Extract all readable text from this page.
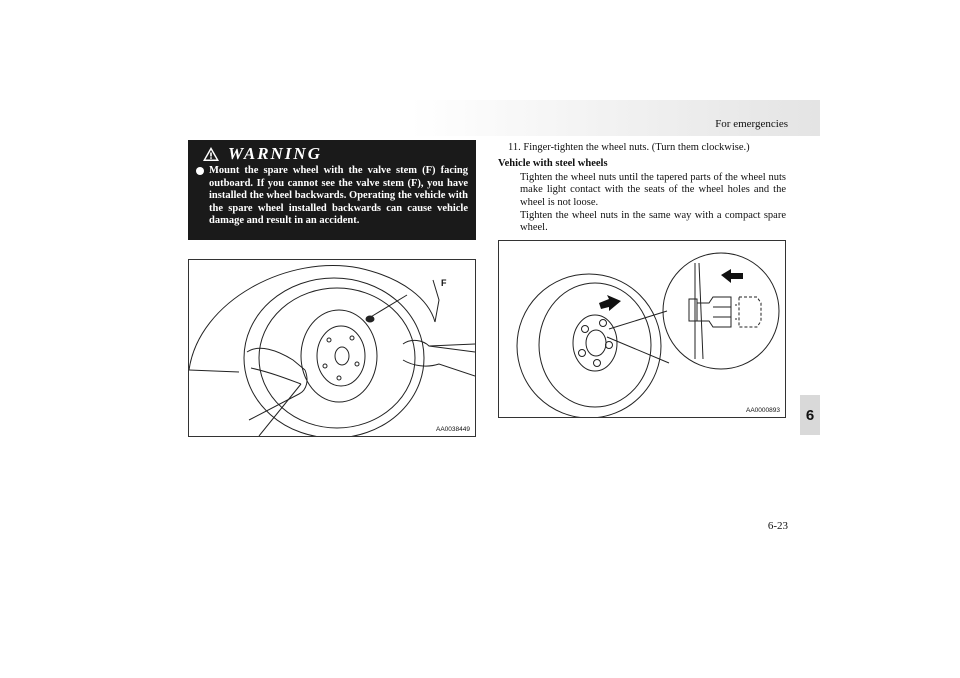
For emergencies
6
6-23
WARNING
Mount the spare wheel with the valve stem (F) facing outboard. If you cannot see the valve stem (F), you have installed the wheel backwards. Operating the vehicle with the spare wheel installed backwards can cause vehicle damage and result in an accident.
AA0038449
F
11. Finger-tighten the wheel nuts. (Turn them clockwise.)
Vehicle with steel wheels
Tighten the wheel nuts until the tapered parts of the wheel nuts make light contact with the seats of the wheel holes and the wheel is not loose.
Tighten the wheel nuts in the same way with a compact spare wheel.
AA0000893
